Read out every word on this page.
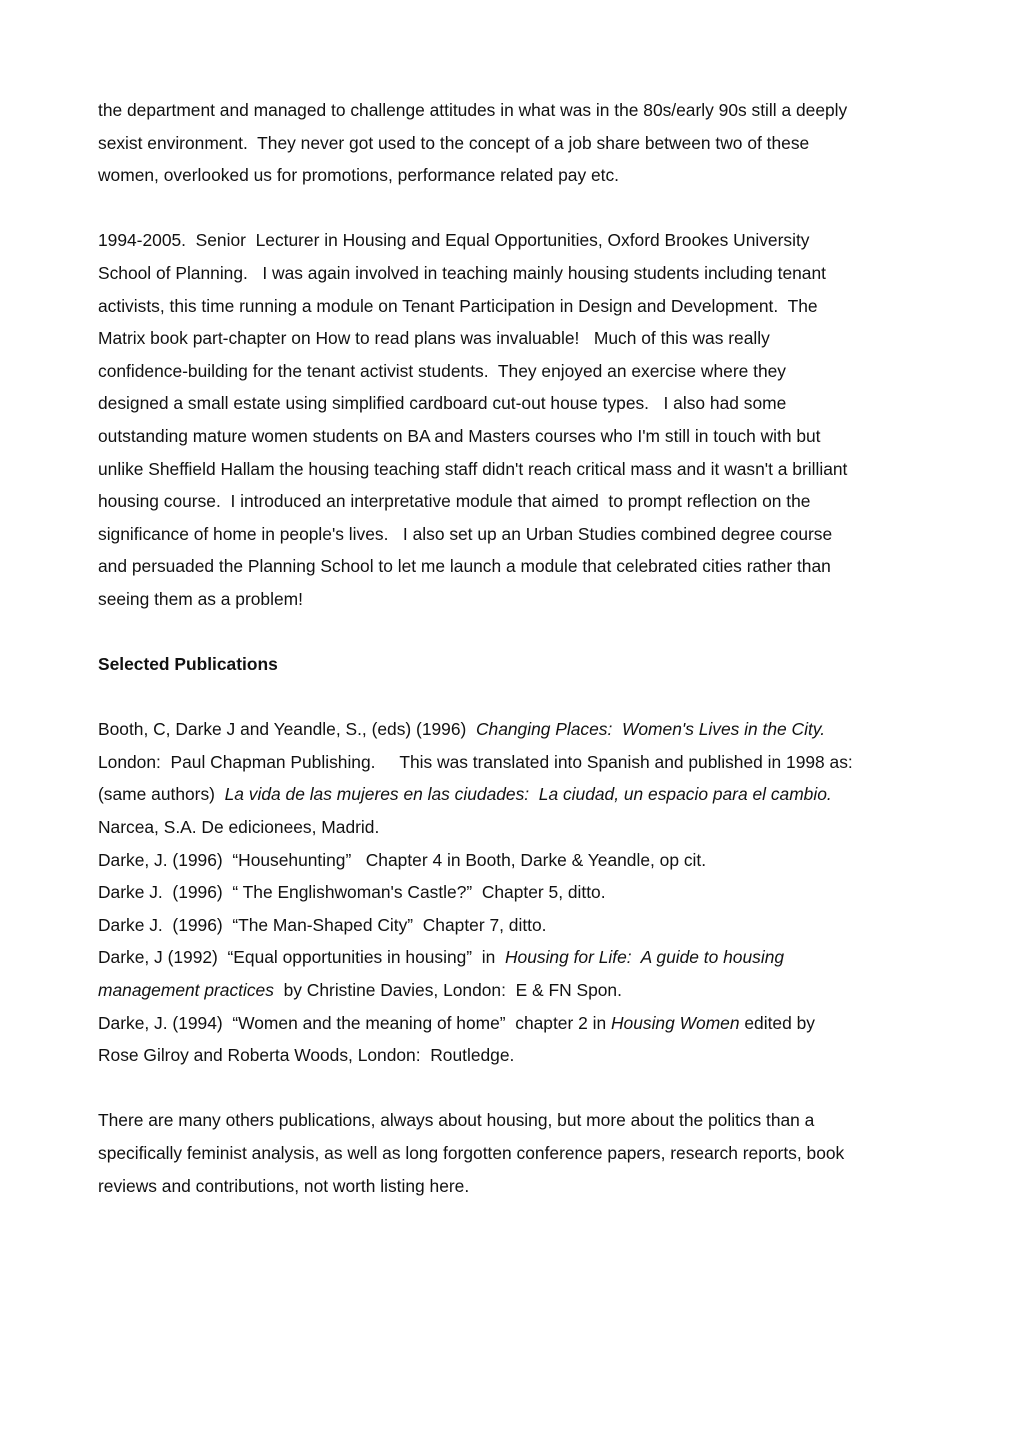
the department and managed to challenge attitudes in what was in the 80s/early 90s still a deeply
sexist environment.  They never got used to the concept of a job share between two of these
women, overlooked us for promotions, performance related pay etc.
1994-2005.  Senior  Lecturer in Housing and Equal Opportunities, Oxford Brookes University
School of Planning.   I was again involved in teaching mainly housing students including tenant
activists, this time running a module on Tenant Participation in Design and Development.  The
Matrix book part-chapter on How to read plans was invaluable!   Much of this was really
confidence-building for the tenant activist students.  They enjoyed an exercise where they
designed a small estate using simplified cardboard cut-out house types.   I also had some
outstanding mature women students on BA and Masters courses who I'm still in touch with but
unlike Sheffield Hallam the housing teaching staff didn't reach critical mass and it wasn't a brilliant
housing course.  I introduced an interpretative module that aimed  to prompt reflection on the
significance of home in people's lives.   I also set up an Urban Studies combined degree course
and persuaded the Planning School to let me launch a module that celebrated cities rather than
seeing them as a problem!
Selected Publications
Booth, C, Darke J and Yeandle, S., (eds) (1996)  Changing Places:  Women's Lives in the City.
London:  Paul Chapman Publishing.     This was translated into Spanish and published in 1998 as:
(same authors)  La vida de las mujeres en las ciudades:  La ciudad, un espacio para el cambio.
Narcea, S.A. De edicionees, Madrid.
Darke, J. (1996)  “Househunting”   Chapter 4 in Booth, Darke & Yeandle, op cit.
Darke J.  (1996)  “ The Englishwoman's Castle?”  Chapter 5, ditto.
Darke J.  (1996)  “The Man-Shaped City”  Chapter 7, ditto.
Darke, J (1992)  “Equal opportunities in housing”  in  Housing for Life:  A guide to housing
management practices  by Christine Davies, London:  E & FN Spon.
Darke, J. (1994)  “Women and the meaning of home”  chapter 2 in Housing Women edited by
Rose Gilroy and Roberta Woods, London:  Routledge.
There are many others publications, always about housing, but more about the politics than a
specifically feminist analysis, as well as long forgotten conference papers, research reports, book
reviews and contributions, not worth listing here.
